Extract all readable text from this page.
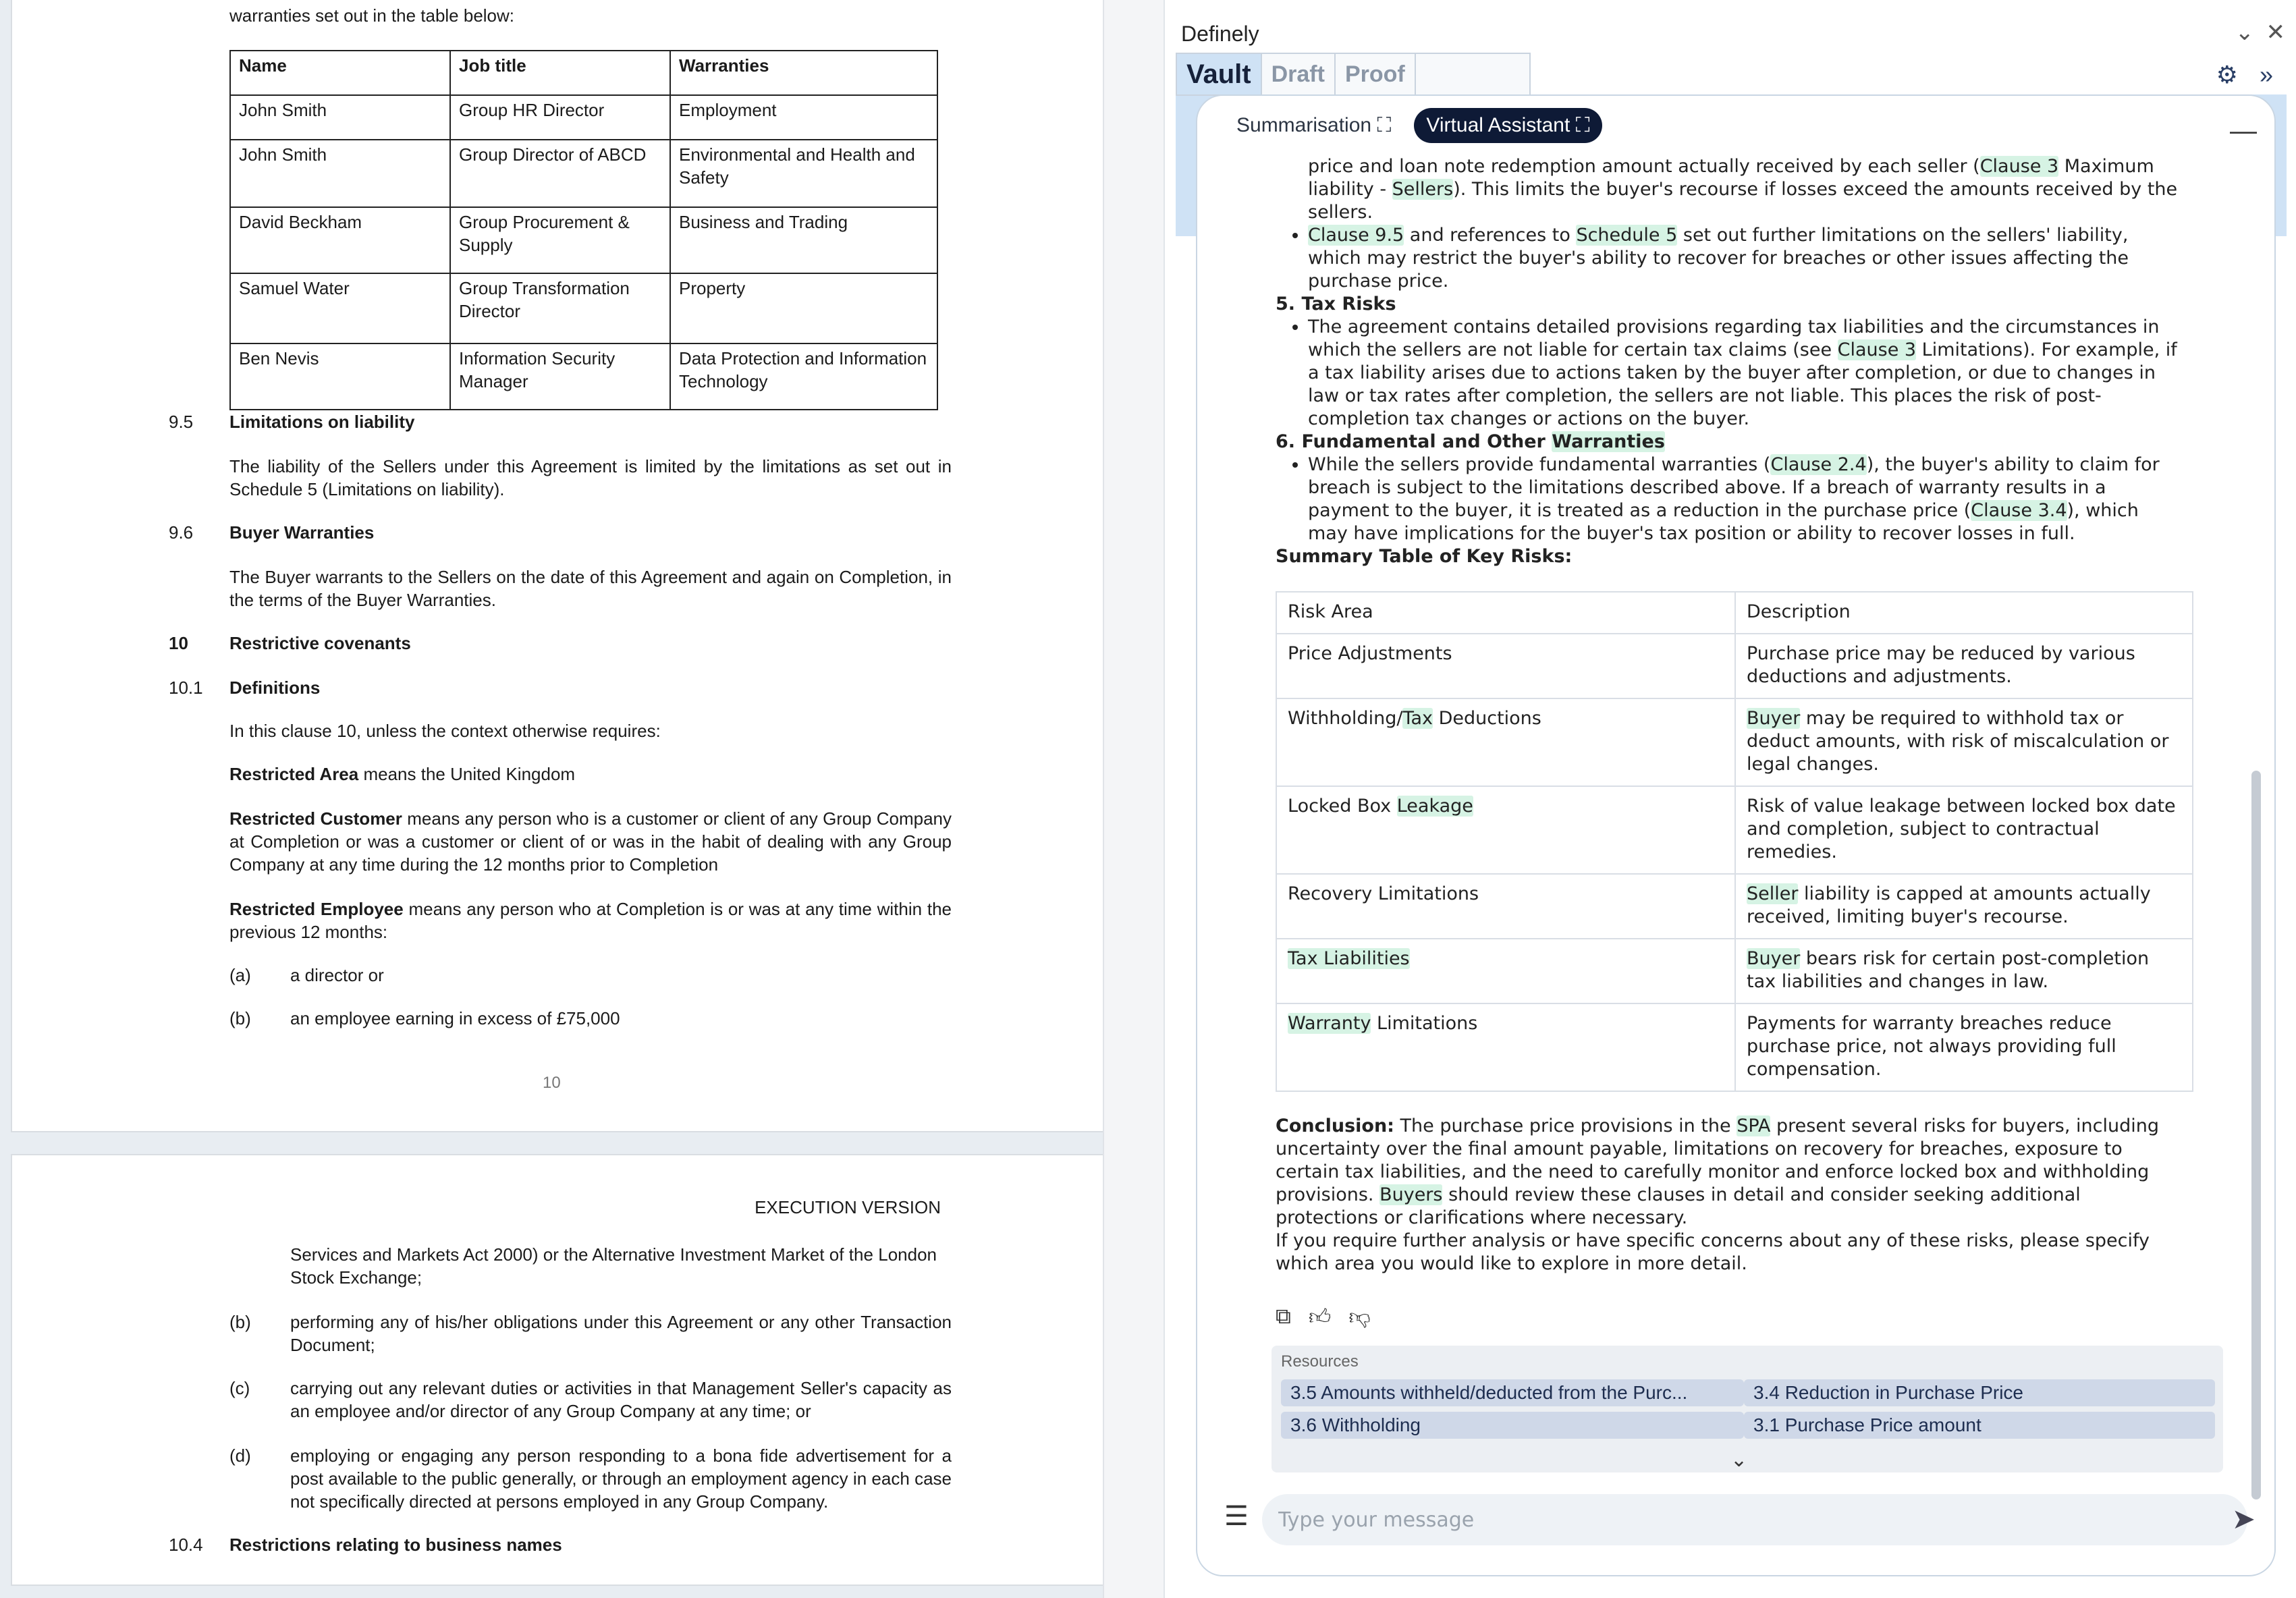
warranties set out in the table below:
Name	Job title	Warranties
John Smith	Group HR Director	Employment
John Smith	Group Director of ABCD	Environmental and Health and Safety
David Beckham	Group Procurement & Supply	Business and Trading
Samuel Water	Group Transformation Director	Property
Ben Nevis	Information Security Manager	Data Protection and Information Technology
9.5 Limitations on liability
The liability of the Sellers under this Agreement is limited by the limitations as set out in Schedule 5 (Limitations on liability).
9.6 Buyer Warranties
The Buyer warrants to the Sellers on the date of this Agreement and again on Completion, in the terms of the Buyer Warranties.
10 Restrictive covenants
10.1 Definitions
In this clause 10, unless the context otherwise requires:
Restricted Area means the United Kingdom
Restricted Customer means any person who is a customer or client of any Group Company at Completion or was a customer or client of or was in the habit of dealing with any Group Company at any time during the 12 months prior to Completion
Restricted Employee means any person who at Completion is or was at any time within the previous 12 months:
(a) a director or
(b) an employee earning in excess of £75,000
10
EXECUTION VERSION
Services and Markets Act 2000) or the Alternative Investment Market of the London Stock Exchange;
(b) performing any of his/her obligations under this Agreement or any other Transaction Document;
(c) carrying out any relevant duties or activities in that Management Seller's capacity as an employee and/or director of any Group Company at any time; or
(d) employing or engaging any person responding to a bona fide advertisement for a post available to the public generally, or through an employment agency in each case not specifically directed at persons employed in any Group Company.
10.4 Restrictions relating to business names
Definely	⌄ ✕
Vault Draft Proof	⚙ »
Summarisation ⛶	Virtual Assistant ⛶	—
price and loan note redemption amount actually received by each seller (Clause 3 Maximum liability - Sellers). This limits the buyer's recourse if losses exceed the amounts received by the sellers.
• Clause 9.5 and references to Schedule 5 set out further limitations on the sellers' liability, which may restrict the buyer's ability to recover for breaches or other issues affecting the purchase price.
5. Tax Risks
• The agreement contains detailed provisions regarding tax liabilities and the circumstances in which the sellers are not liable for certain tax claims (see Clause 3 Limitations). For example, if a tax liability arises due to actions taken by the buyer after completion, or due to changes in law or tax rates after completion, the sellers are not liable. This places the risk of post-completion tax changes or actions on the buyer.
6. Fundamental and Other Warranties
• While the sellers provide fundamental warranties (Clause 2.4), the buyer's ability to claim for breach is subject to the limitations described above. If a breach of warranty results in a payment to the buyer, it is treated as a reduction in the purchase price (Clause 3.4), which may have implications for the buyer's tax position or ability to recover losses in full.
Summary Table of Key Risks:
Risk Area	Description
Price Adjustments	Purchase price may be reduced by various deductions and adjustments.
Withholding/Tax Deductions	Buyer may be required to withhold tax or deduct amounts, with risk of miscalculation or legal changes.
Locked Box Leakage	Risk of value leakage between locked box date and completion, subject to contractual remedies.
Recovery Limitations	Seller liability is capped at amounts actually received, limiting buyer's recourse.
Tax Liabilities	Buyer bears risk for certain post-completion tax liabilities and changes in law.
Warranty Limitations	Payments for warranty breaches reduce purchase price, not always providing full compensation.
Conclusion: The purchase price provisions in the SPA present several risks for buyers, including uncertainty over the final amount payable, limitations on recovery for breaches, exposure to certain tax liabilities, and the need to carefully monitor and enforce locked box and withholding provisions. Buyers should review these clauses in detail and consider seeking additional protections or clarifications where necessary.
If you require further analysis or have specific concerns about any of these risks, please specify which area you would like to explore in more detail.
⧉ 👍︎ 👎︎
Resources
3.5 Amounts withheld/deducted from the Purc...	3.4 Reduction in Purchase Price
3.6 Withholding	3.1 Purchase Price amount
⌄
☰
Type your message	➤
